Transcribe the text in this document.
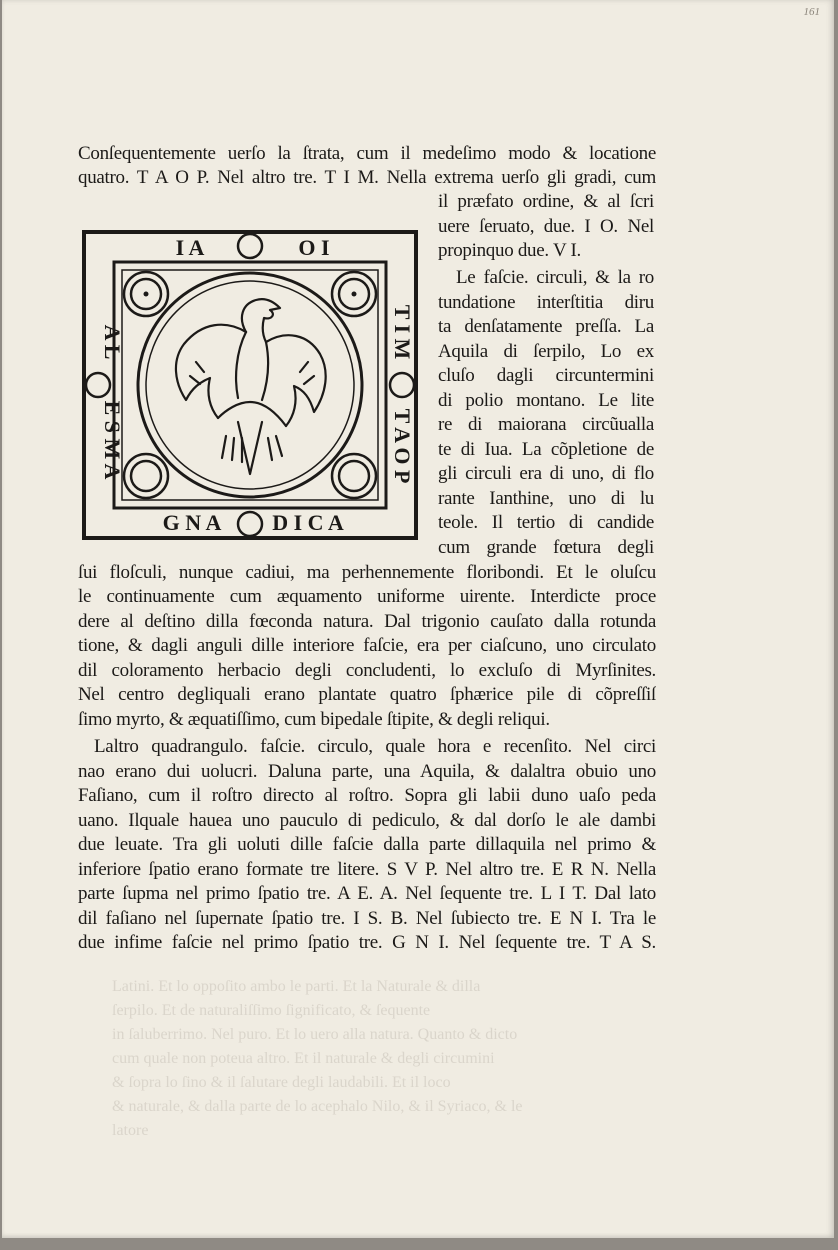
161
Latini. Et lo oppoſito ambo le parti. Et la Naturale & dilla
ſerpilo. Et de naturaliſſimo ſignificato, & ſequente
in ſaluberrimo. Nel puro. Et lo uero alla natura. Quanto & dicto
cum quale non poteua altro. Et il naturale & degli circumini
& ſopra lo ſino & il ſalutare degli laudabili. Et il loco
& naturale, & dalla parte de lo acephalo Nilo, & il Syriaco, & le
latore
Conſequentemente uerſo la ſtrata, cum il medeſimo modo & locatione
quatro. T A O P. Nel altro tre. T I M. Nella extrema uerſo gli gradi, cum
il præfato ordine, & al ſcri
uere ſeruato, due. I O. Nel
propinquo due. V I.
Le faſcie. circuli, & la ro
tundatione interſtitia diru
ta denſatamente preſſa. La
Aquila di ſerpilo, Lo ex
cluſo dagli circuntermini
di polio montano. Le lite
re di maiorana circũualla
te di Iua. La cõpletione de
gli circuli era di uno, di flo
rante Ianthine, uno di lu
teole. Il tertio di candide
cum grande fœtura degli
ſui floſculi, nunque cadiui, ma perhennemente floribondi. Et le oluſcu
le continuamente cum æquamento uniforme uirente. Interdicte proce
dere al deſtino dilla fœconda natura. Dal trigonio cauſato dalla rotunda
tione, & dagli anguli dille interiore faſcie, era per ciaſcuno, uno circulato
dil coloramento herbacio degli concludenti, lo excluſo di Myrſinites.
Nel centro degliquali erano plantate quatro ſphærice pile di cõpreſſiſ
ſimo myrto, & æquatiſſimo, cum bipedale ſtipite, & degli reliqui.
Laltro quadrangulo. faſcie. circulo, quale hora e recenſito. Nel circi
nao erano dui uolucri. Daluna parte, una Aquila, & dalaltra obuio uno
Faſiano, cum il roſtro directo al roſtro. Sopra gli labii duno uaſo peda
uano. Ilquale hauea uno pauculo di pediculo, & dal dorſo le ale dambi
due leuate. Tra gli uoluti dille faſcie dalla parte dillaquila nel primo &
inferiore ſpatio erano formate tre litere. S V P. Nel altro tre. E R N. Nella
parte ſupma nel primo ſpatio tre. A E. A. Nel ſequente tre. L I T. Dal lato
dil faſiano nel ſupernate ſpatio tre. I S. B. Nel ſubiecto tre. E N I. Tra le
due infime faſcie nel primo ſpatio tre. G N I. Nel ſequente tre. T A S.
I A	O I
G N A D I C A
A L
E S M A
T I M
T A O P
